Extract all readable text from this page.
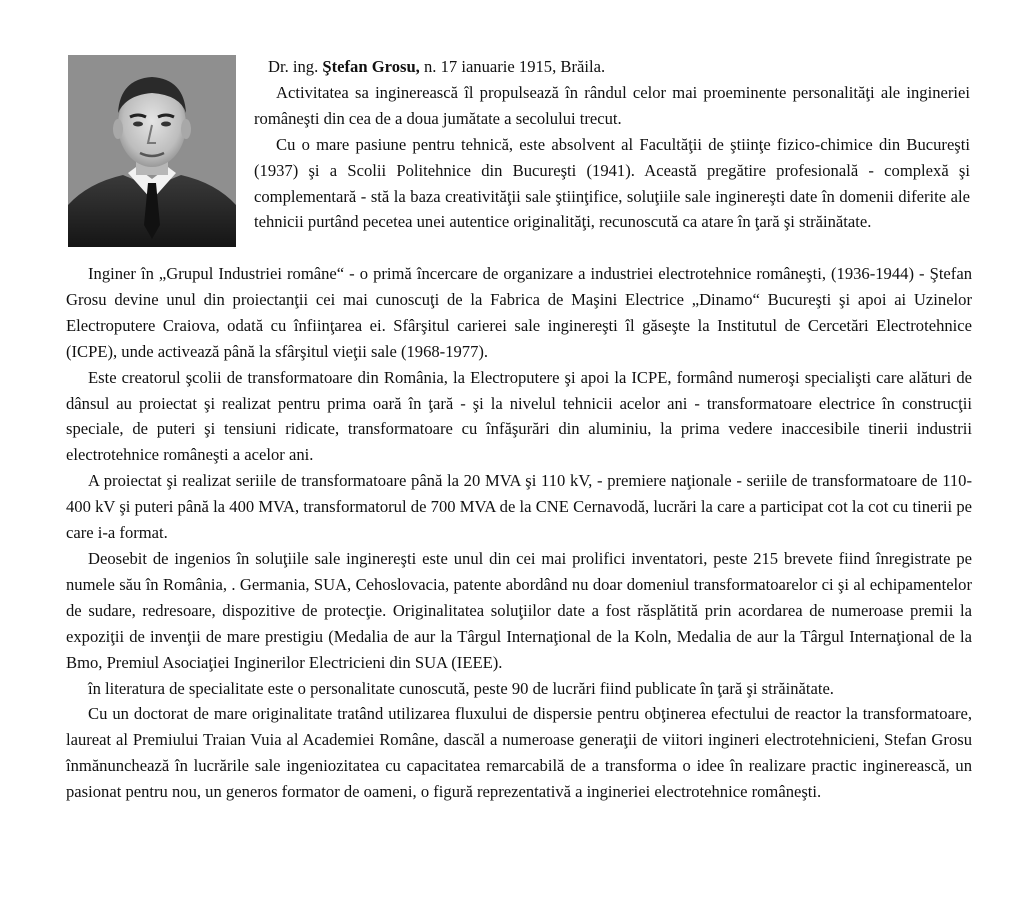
Dr. ing. Ştefan Grosu, n. 17 ianuarie 1915, Brăila.

Activitatea sa inginerească îl propulsează în rândul celor mai proeminente personalităţi ale ingineriei româneşti din cea de a doua jumătate a secolului trecut.

Cu o mare pasiune pentru tehnică, este absolvent al Facultăţii de ştiinţe fizico-chimice din Bucureşti (1937) şi a Scolii Politehnice din Bucureşti (1941). Această pregătire profesională - complexă şi complementară - stă la baza creativităţii sale ştiinţifice, soluţiile sale inginereşti date în domenii diferite ale tehnicii purtând pecetea unei autentice originalităţi, recunoscută ca atare în ţară şi străinătate.

Inginer în „Grupul Industriei române“ - o primă încercare de organizare a industriei electrotehnice româneşti, (1936-1944) - Ştefan Grosu devine unul din proiectanţii cei mai cunoscuţi de la Fabrica de Maşini Electrice „Dinamo“ Bucureşti şi apoi ai Uzinelor Electroputere Craiova, odată cu înfiinţarea ei. Sfârşitul carierei sale inginereşti îl găseşte la Institutul de Cercetări Electrotehnice (ICPE), unde activează până la sfârşitul vieţii sale (1968-1977).

Este creatorul şcolii de transformatoare din România, la Electroputere şi apoi la ICPE, formând numeroşi specialişti care alături de dânsul au proiectat şi realizat pentru prima oară în ţară - şi la nivelul tehnicii acelor ani - transformatoare electrice în construcţii speciale, de puteri şi tensiuni ridicate, transformatoare cu înfăşurări din aluminiu, la prima vedere inaccesibile tinerii industrii electrotehnice româneşti a acelor ani.

A proiectat şi realizat seriile de transformatoare până la 20 MVA şi 110 kV, - premiere naţionale - seriile de transformatoare de 110-400 kV şi puteri până la 400 MVA, transformatorul de 700 MVA de la CNE Cernavodă, lucrări la care a participat cot la cot cu tinerii pe care i-a format.

Deosebit de ingenios în soluţiile sale inginereşti este unul din cei mai prolifici inventatori, peste 215 brevete fiind înregistrate pe numele său în România, . Germania, SUA, Cehoslovacia, patente abordând nu doar domeniul transformatoarelor ci şi al echipamentelor de sudare, redresoare, dispozitive de protecţie. Originalitatea soluţiilor date a fost răsplătită prin acordarea de numeroase premii la expoziţii de invenţii de mare prestigiu (Medalia de aur la Târgul Internaţional de la Koln, Medalia de aur la Târgul Internaţional de la Bmo, Premiul Asociaţiei Inginerilor Electricieni din SUA (IEEE).

în literatura de specialitate este o personalitate cunoscută, peste 90 de lucrări fiind publicate în ţară şi străinătate.

Cu un doctorat de mare originalitate tratând utilizarea fluxului de dispersie pentru obţinerea efectului de reactor la transformatoare, laureat al Premiului Traian Vuia al Academiei Române, dascăl a numeroase generaţii de viitori ingineri electrotehnicieni, Stefan Grosu înmănunchează în lucrările sale ingeniozitatea cu capacitatea remarcabilă de a transforma o idee în realizare practic inginerească, un pasionat pentru nou, un generos formator de oameni, o figură reprezentativă a ingineriei electrotehnice româneşti.
